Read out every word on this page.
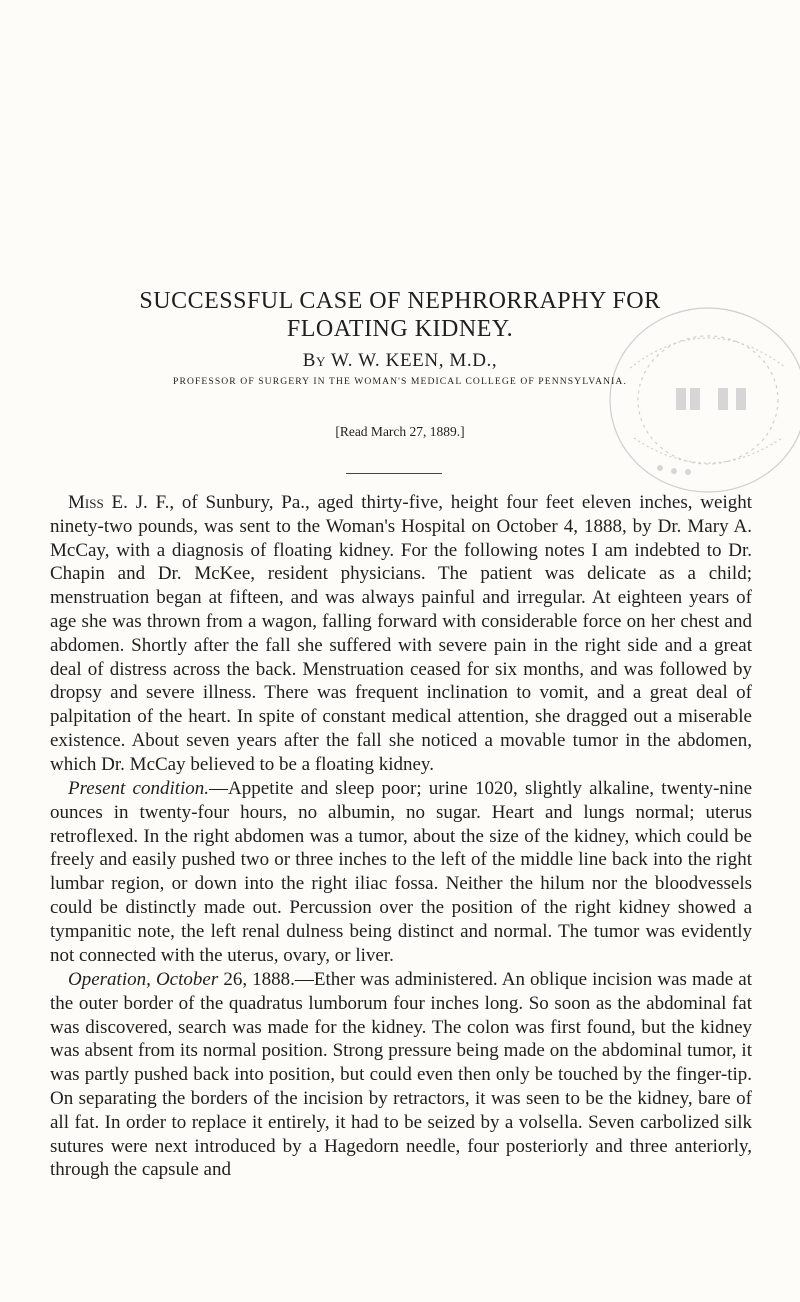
SUCCESSFUL CASE OF NEPHRORRAPHY FOR
FLOATING KIDNEY.

By W. W. KEEN, M.D.,

PROFESSOR OF SURGERY IN THE WOMAN'S MEDICAL COLLEGE OF PENNSYLVANIA.

[Read March 27, 1889.]

Miss E. J. F., of Sunbury, Pa., aged thirty-five, height four feet eleven inches, weight ninety-two pounds, was sent to the Woman's Hospital on October 4, 1888, by Dr. Mary A. McCay, with a diagnosis of floating kidney. For the following notes I am indebted to Dr. Chapin and Dr. McKee, resident physicians. The patient was delicate as a child; menstruation began at fifteen, and was always painful and irregular. At eighteen years of age she was thrown from a wagon, falling forward with considerable force on her chest and abdomen. Shortly after the fall she suffered with severe pain in the right side and a great deal of distress across the back. Menstruation ceased for six months, and was followed by dropsy and severe illness. There was frequent inclination to vomit, and a great deal of palpitation of the heart. In spite of constant medical attention, she dragged out a miserable existence. About seven years after the fall she noticed a movable tumor in the abdomen, which Dr. McCay believed to be a floating kidney.

Present condition.—Appetite and sleep poor; urine 1020, slightly alkaline, twenty-nine ounces in twenty-four hours, no albumin, no sugar. Heart and lungs normal; uterus retroflexed. In the right abdomen was a tumor, about the size of the kidney, which could be freely and easily pushed two or three inches to the left of the middle line back into the right lumbar region, or down into the right iliac fossa. Neither the hilum nor the bloodvessels could be distinctly made out. Percussion over the position of the right kidney showed a tympanitic note, the left renal dulness being distinct and normal. The tumor was evidently not connected with the uterus, ovary, or liver.

Operation, October 26, 1888.—Ether was administered. An oblique incision was made at the outer border of the quadratus lumborum four inches long. So soon as the abdominal fat was discovered, search was made for the kidney. The colon was first found, but the kidney was absent from its normal position. Strong pressure being made on the abdominal tumor, it was partly pushed back into position, but could even then only be touched by the finger-tip. On separating the borders of the incision by retractors, it was seen to be the kidney, bare of all fat. In order to replace it entirely, it had to be seized by a volsella. Seven carbolized silk sutures were next introduced by a Hagedorn needle, four posteriorly and three anteriorly, through the capsule and
